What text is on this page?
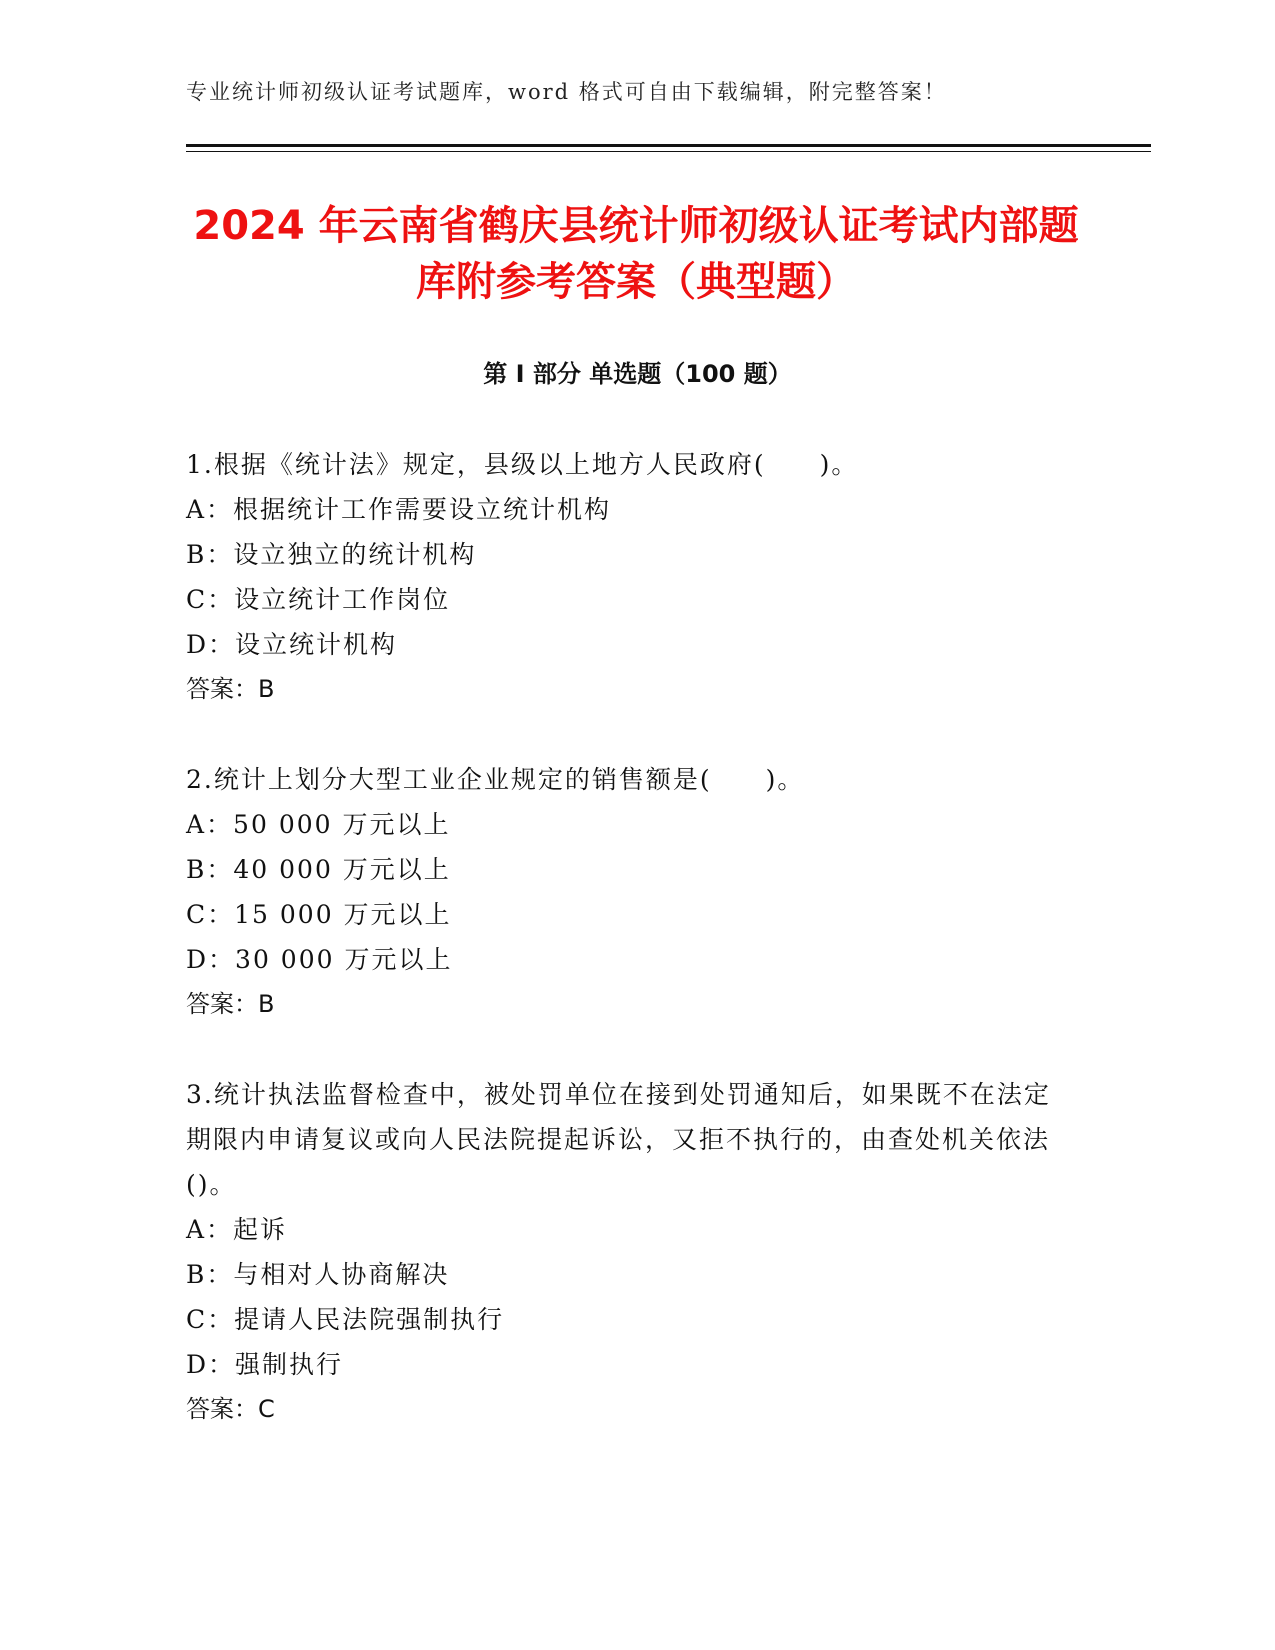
专业统计师初级认证考试题库，word 格式可自由下载编辑，附完整答案！
2024 年云南省鹤庆县统计师初级认证考试内部题库附参考答案（典型题）
第 I 部分 单选题（100 题）
1.根据《统计法》规定，县级以上地方人民政府(　　)。
A：根据统计工作需要设立统计机构
B：设立独立的统计机构
C：设立统计工作岗位
D：设立统计机构
答案：B
2.统计上划分大型工业企业规定的销售额是(　　)。
A：50 000 万元以上
B：40 000 万元以上
C：15 000 万元以上
D：30 000 万元以上
答案：B
3.统计执法监督检查中，被处罚单位在接到处罚通知后，如果既不在法定期限内申请复议或向人民法院提起诉讼，又拒不执行的，由查处机关依法()。
A：起诉
B：与相对人协商解决
C：提请人民法院强制执行
D：强制执行
答案：C
